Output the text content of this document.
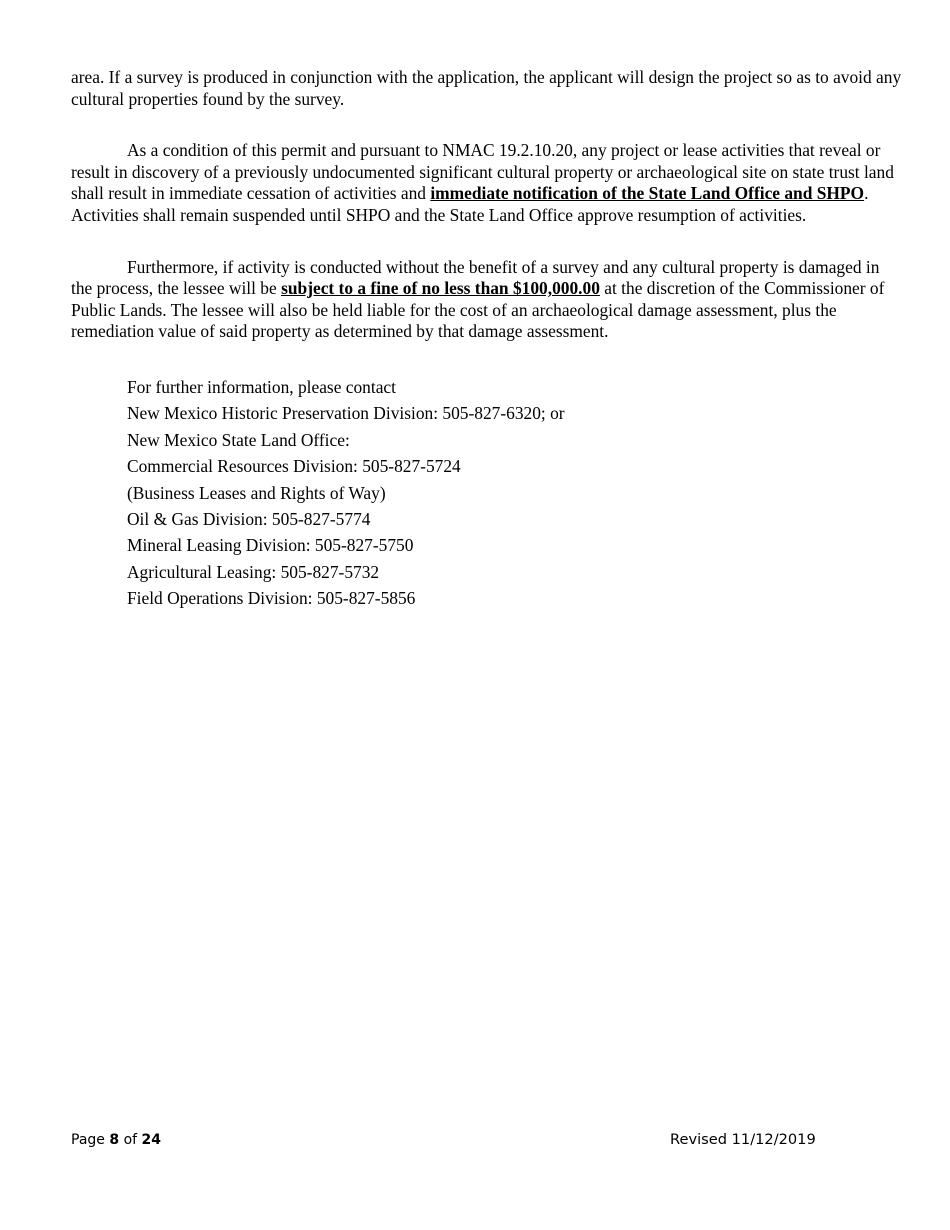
area. If a survey is produced in conjunction with the application, the applicant will design the project so as to avoid any cultural properties found by the survey.

As a condition of this permit and pursuant to NMAC 19.2.10.20, any project or lease activities that reveal or result in discovery of a previously undocumented significant cultural property or archaeological site on state trust land shall result in immediate cessation of activities and immediate notification of the State Land Office and SHPO. Activities shall remain suspended until SHPO and the State Land Office approve resumption of activities.

Furthermore, if activity is conducted without the benefit of a survey and any cultural property is damaged in the process, the lessee will be subject to a fine of no less than $100,000.00 at the discretion of the Commissioner of Public Lands. The lessee will also be held liable for the cost of an archaeological damage assessment, plus the remediation value of said property as determined by that damage assessment.

For further information, please contact
New Mexico Historic Preservation Division: 505-827-6320; or
New Mexico State Land Office:
Commercial Resources Division: 505-827-5724
(Business Leases and Rights of Way)
Oil & Gas Division: 505-827-5774
Mineral Leasing Division: 505-827-5750
Agricultural Leasing: 505-827-5732
Field Operations Division: 505-827-5856
Page 8 of 24	Revised 11/12/2019
